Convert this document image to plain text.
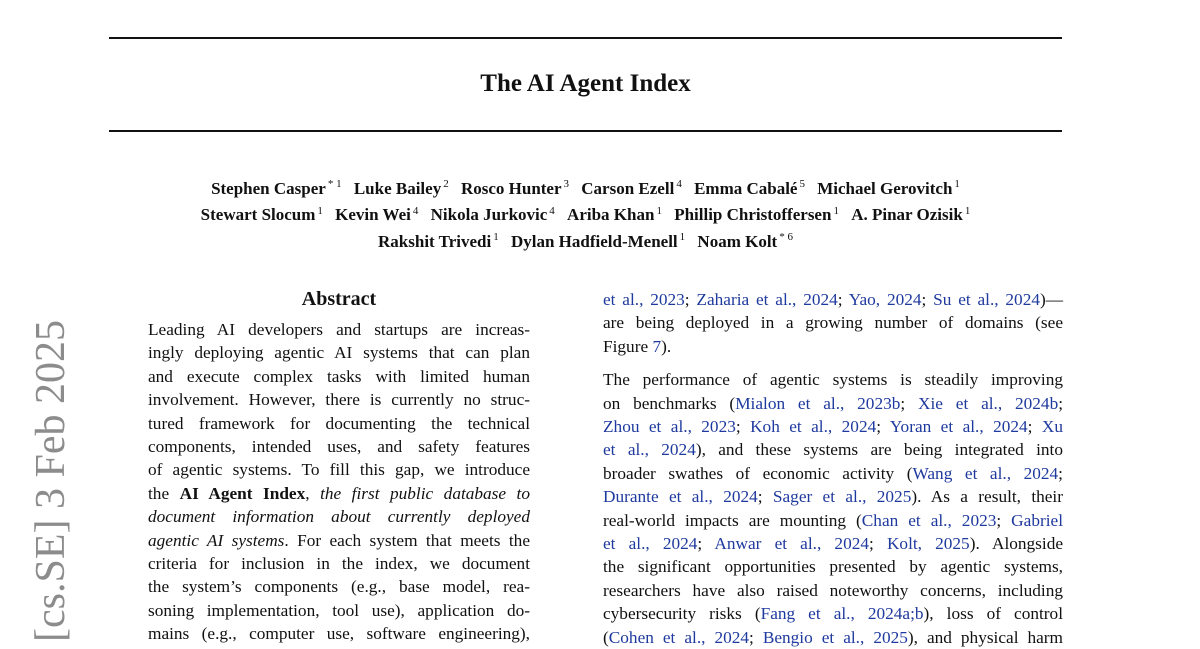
The AI Agent Index
Stephen Casper $^{* 1}$ Luke Bailey $^2$ Rosco Hunter $^3$ Carson Ezell $^4$ Emma Cabalé $^5$ Michael Gerovitch $^1$
Stewart Slocum $^1$ Kevin Wei $^4$ Nikola Jurkovic $^4$ Ariba Khan $^1$ Phillip Christoffersen $^1$ A. Pinar Ozisik $^1$
Rakshit Trivedi $^1$ Dylan Hadfield-Menell $^1$ Noam Kolt $^{* 6}$
[cs.SE] 3 Feb 2025
Abstract
Leading AI developers and startups are increas-
ingly deploying agentic AI systems that can plan
and execute complex tasks with limited human
involvement. However, there is currently no struc-
tured framework for documenting the technical
components, intended uses, and safety features
of agentic systems. To fill this gap, we introduce
the AI Agent Index, the first public database to
document information about currently deployed
agentic AI systems. For each system that meets the
criteria for inclusion in the index, we document
the system’s components (e.g., base model, rea-
soning implementation, tool use), application do-
mains (e.g., computer use, software engineering),

et al., 2023; Zaharia et al., 2024; Yao, 2024; Su et al., 2024)—
are being deployed in a growing number of domains (see
Figure 7).

The performance of agentic systems is steadily improving
on benchmarks (Mialon et al., 2023b; Xie et al., 2024b;
Zhou et al., 2023; Koh et al., 2024; Yoran et al., 2024; Xu
et al., 2024), and these systems are being integrated into
broader swathes of economic activity (Wang et al., 2024;
Durante et al., 2024; Sager et al., 2025). As a result, their
real-world impacts are mounting (Chan et al., 2023; Gabriel
et al., 2024; Anwar et al., 2024; Kolt, 2025). Alongside
the significant opportunities presented by agentic systems,
researchers have also raised noteworthy concerns, including
cybersecurity risks (Fang et al., 2024a;b), loss of control
(Cohen et al., 2024; Bengio et al., 2025), and physical harm
